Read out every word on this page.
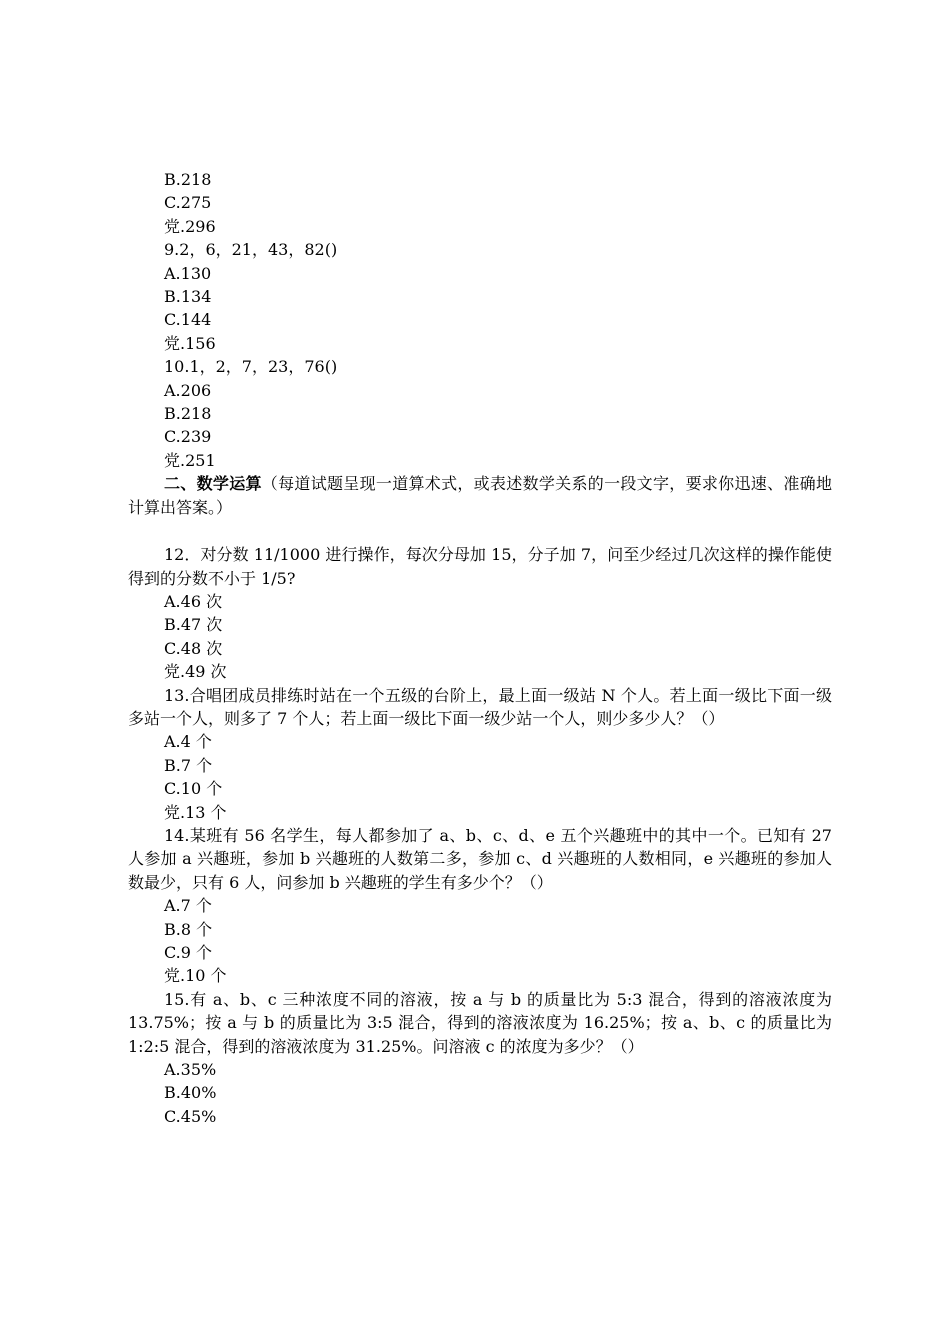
B.218
C.275
党.296
9.2，6，21，43，82()
A.130
B.134
C.144
党.156
10.1，2，7，23，76()
A.206
B.218
C.239
党.251
二、数学运算（每道试题呈现一道算术式，或表述数学关系的一段文字，要求你迅速、准确地计算出答案。）
12．对分数 11/1000 进行操作，每次分母加 15，分子加 7，问至少经过几次这样的操作能使得到的分数不小于 1/5?
A.46 次
B.47 次
C.48 次
党.49 次
13.合唱团成员排练时站在一个五级的台阶上，最上面一级站 N 个人。若上面一级比下面一级多站一个人，则多了 7 个人；若上面一级比下面一级少站一个人，则少多少人？（）
A.4 个
B.7 个
C.10 个
党.13 个
14.某班有 56 名学生，每人都参加了 a、b、c、d、e 五个兴趣班中的其中一个。已知有 27 人参加 a 兴趣班，参加 b 兴趣班的人数第二多，参加 c、d 兴趣班的人数相同，e 兴趣班的参加人数最少，只有 6 人，问参加 b 兴趣班的学生有多少个？（）
A.7 个
B.8 个
C.9 个
党.10 个
15.有 a、b、c 三种浓度不同的溶液，按 a 与 b 的质量比为 5:3 混合，得到的溶液浓度为 13.75%；按 a 与 b 的质量比为 3:5 混合，得到的溶液浓度为 16.25%；按 a、b、c 的质量比为 1:2:5 混合，得到的溶液浓度为 31.25%。问溶液 c 的浓度为多少？（）
A.35%
B.40%
C.45%
